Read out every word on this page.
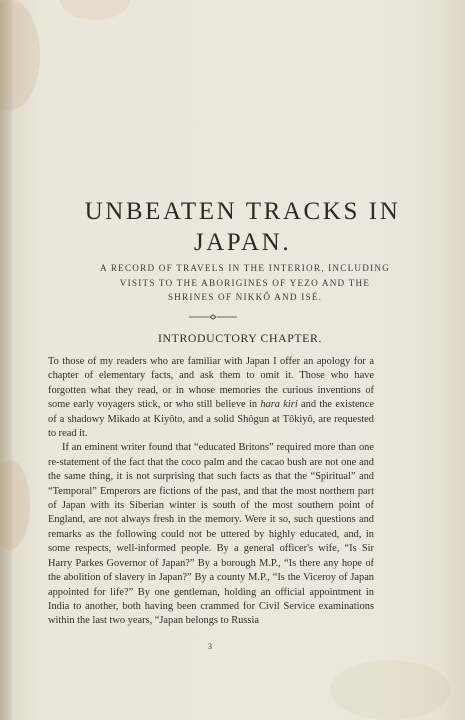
UNBEATEN TRACKS IN
JAPAN.
A RECORD OF TRAVELS IN THE INTERIOR, INCLUDING
VISITS TO THE ABORIGINES OF YEZO AND THE
SHRINES OF NIKKÔ AND ISÉ.
INTRODUCTORY CHAPTER.

To those of my readers who are familiar with Japan I offer an apology for a chapter of elementary facts, and ask them to omit it. Those who have forgotten what they read, or in whose memories the curious inventions of some early voyagers stick, or who still believe in hara kiri and the existence of a shadowy Mikado at Kiyôto, and a solid Shôgun at Tôkiyô, are requested to read it.

If an eminent writer found that “educated Britons” required more than one re-statement of the fact that the coco palm and the cacao bush are not one and the same thing, it is not surprising that such facts as that the “Spiritual” and “Temporal” Emperors are fictions of the past, and that the most northern part of Japan with its Siberian winter is south of the most southern point of England, are not always fresh in the memory. Were it so, such questions and remarks as the following could not be uttered by highly educated, and, in some respects, well-informed people. By a general officer's wife, “Is Sir Harry Parkes Governor of Japan?” By a borough M.P., “Is there any hope of the abolition of slavery in Japan?” By a county M.P., “Is the Viceroy of Japan appointed for life?” By one gentleman, holding an official appointment in India to another, both having been crammed for Civil Service examinations within the last two years, “Japan belongs to Russia

3
